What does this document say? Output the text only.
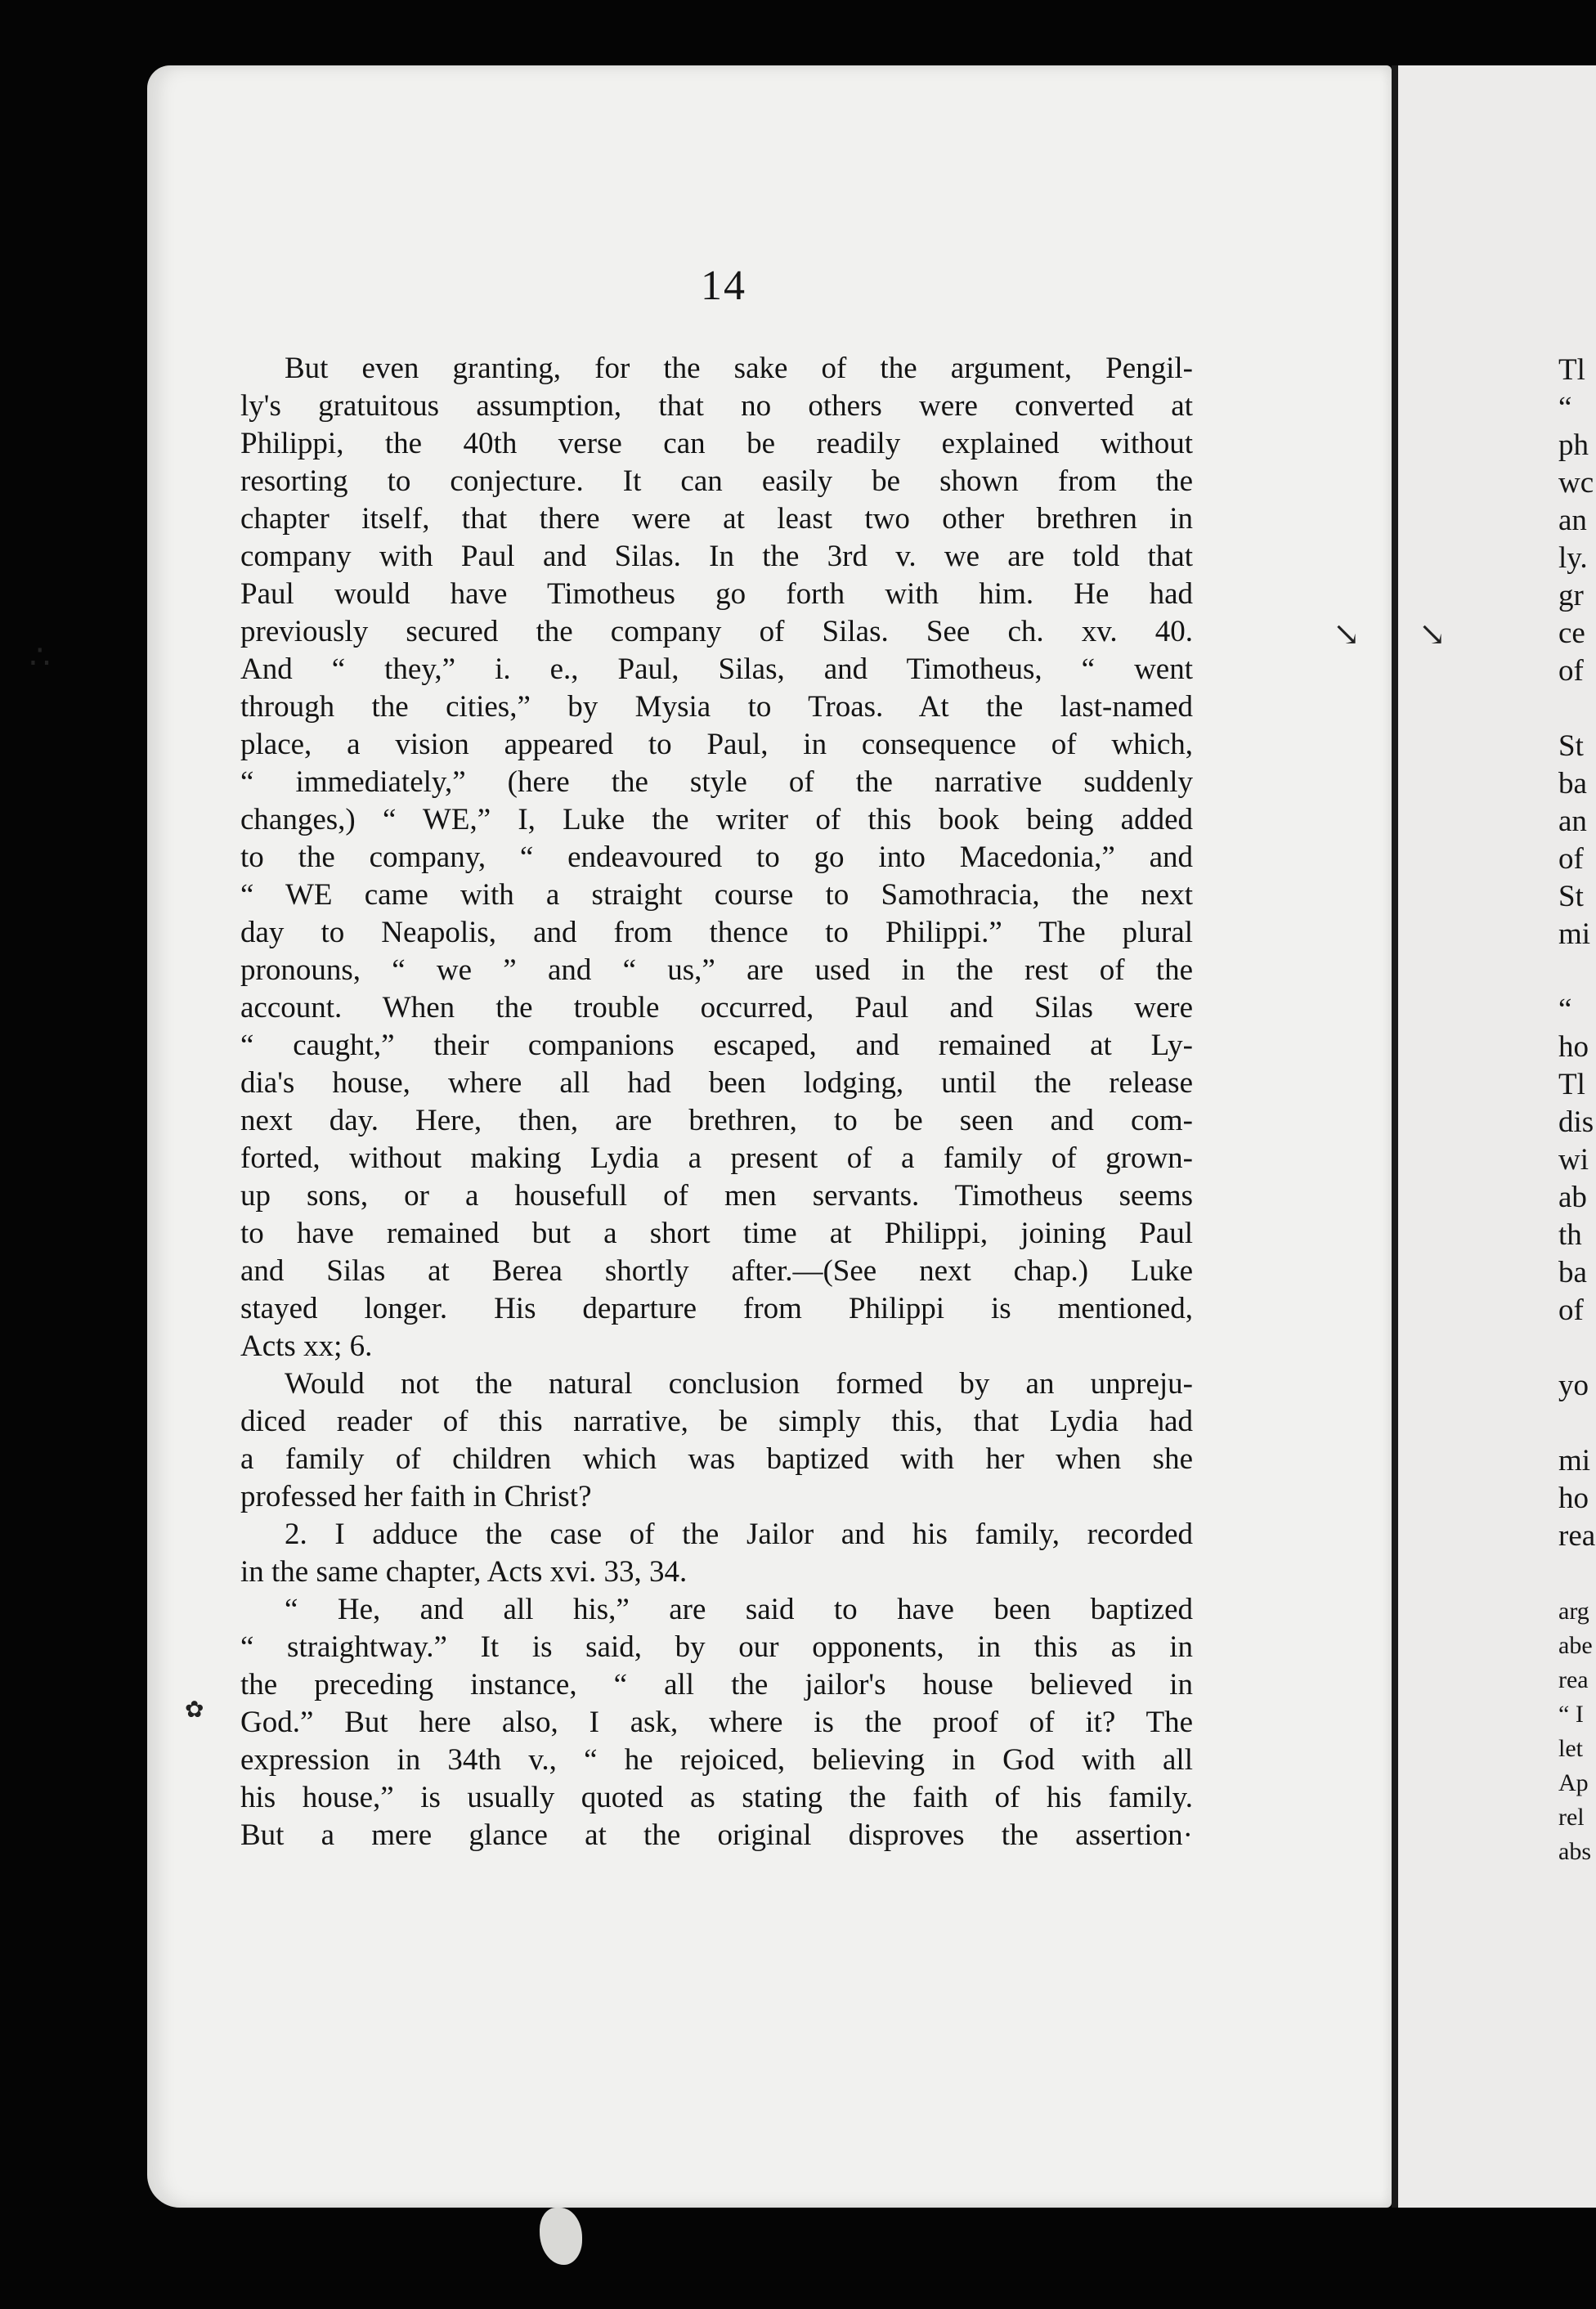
14
But even granting, for the sake of the argument, Pengil-
ly's gratuitous assumption, that no others were converted at
Philippi, the 40th verse can be readily explained without
resorting to conjecture. It can easily be shown from the
chapter itself, that there were at least two other brethren in
company with Paul and Silas. In the 3rd v. we are told that
Paul would have Timotheus go forth with him. He had
previously secured the company of Silas. See ch. xv. 40.
And “ they,” i. e., Paul, Silas, and Timotheus, “ went
through the cities,” by Mysia to Troas. At the last-named
place, a vision appeared to Paul, in consequence of which,
“ immediately,” (here the style of the narrative suddenly
changes,) “ WE,” I, Luke the writer of this book being added
to the company, “ endeavoured to go into Macedonia,” and
“ WE came with a straight course to Samothracia, the next
day to Neapolis, and from thence to Philippi.” The plural
pronouns, “ we ” and “ us,” are used in the rest of the
account. When the trouble occurred, Paul and Silas were
“ caught,” their companions escaped, and remained at Ly-
dia's house, where all had been lodging, until the release
next day. Here, then, are brethren, to be seen and com-
forted, without making Lydia a present of a family of grown-
up sons, or a housefull of men servants. Timotheus seems
to have remained but a short time at Philippi, joining Paul
and Silas at Berea shortly after.—(See next chap.) Luke
stayed longer. His departure from Philippi is mentioned,
Acts xx; 6.
Would not the natural conclusion formed by an unpreju-
diced reader of this narrative, be simply this, that Lydia had
a family of children which was baptized with her when she
professed her faith in Christ?
2. I adduce the case of the Jailor and his family, recorded
in the same chapter, Acts xvi. 33, 34.
“ He, and all his,” are said to have been baptized
“ straightway.” It is said, by our opponents, in this as in
the preceding instance, “ all the jailor's house believed in
God.” But here also, I ask, where is the proof of it? The
expression in 34th v., “ he rejoiced, believing in God with all
his house,” is usually quoted as stating the faith of his family.
But a mere glance at the original disproves the assertion·
Tl
“
ph
wc
an
ly.
gr
ce
of
St
ba
an
of
St
mi
“
ho
Tl
dis
wi
ab
th
ba
of
yo
mi
ho
rea
arg
abe
rea
“ I
let
Ap
rel
abs
∴
↘ ↘
✿
